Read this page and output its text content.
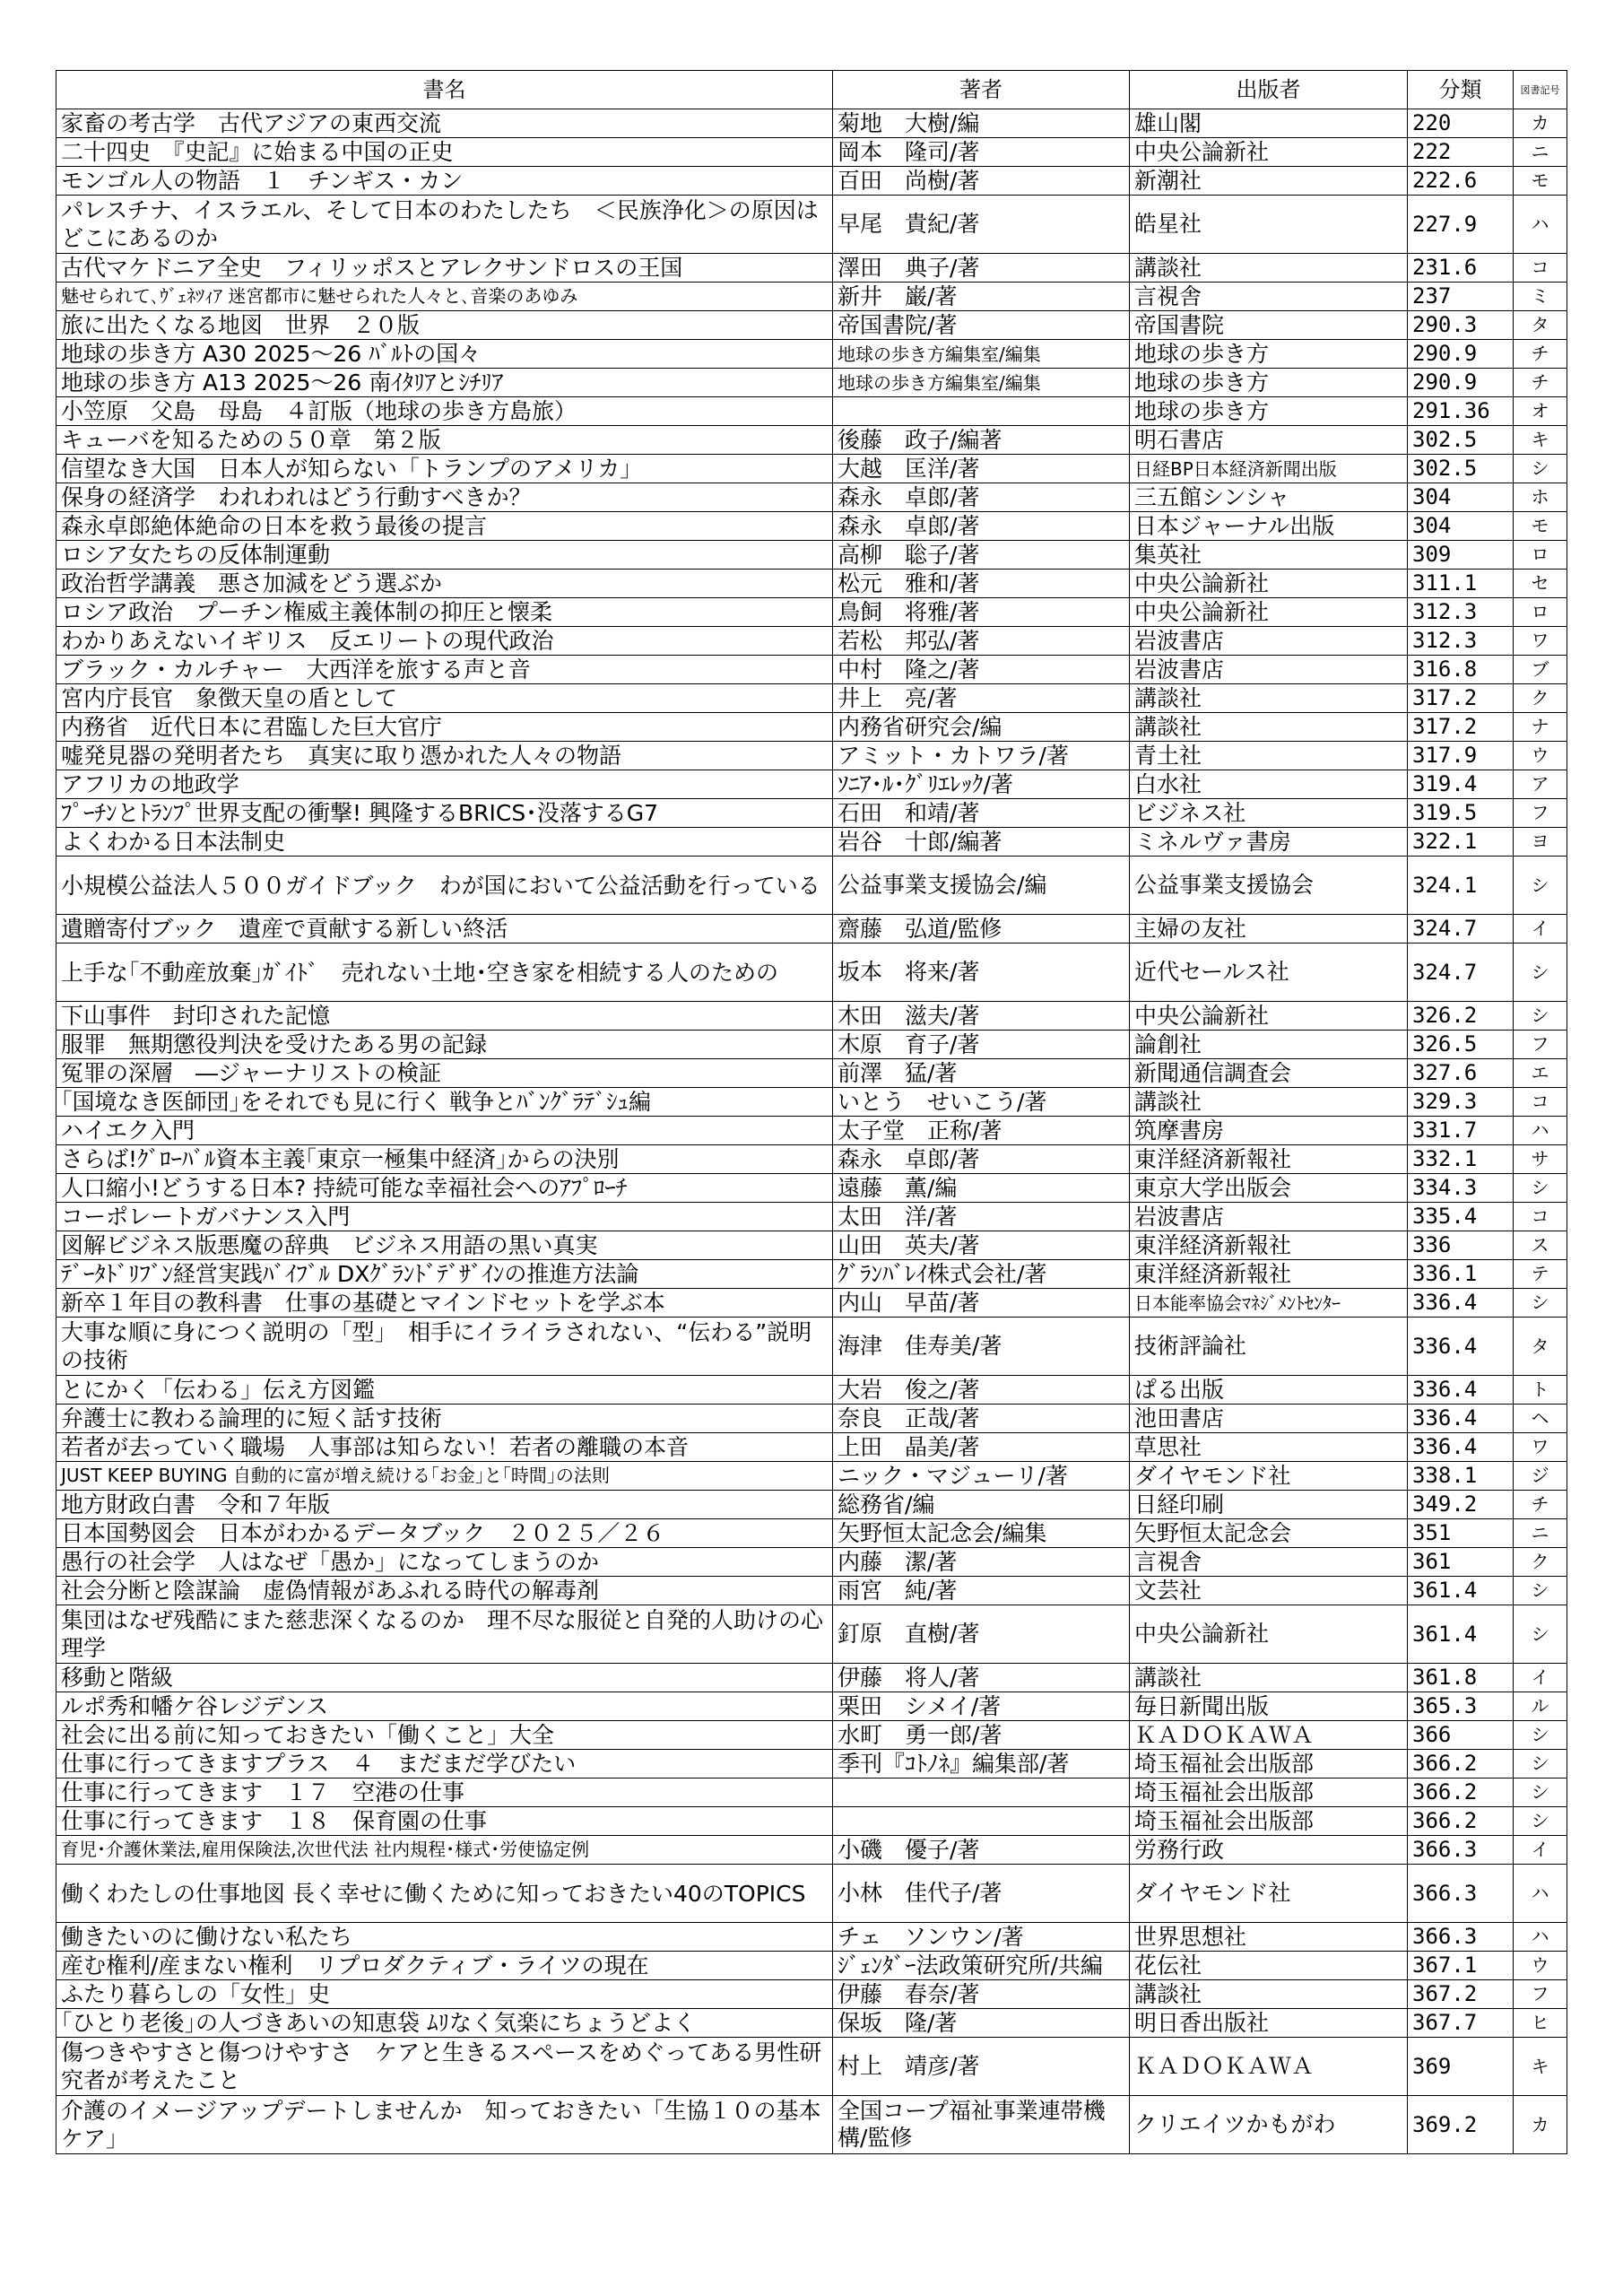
書名	著者	出版者	分類	図書記号
家畜の考古学　古代アジアの東西交流	菊地　大樹/編	雄山閣	220	カ
二十四史　『史記』に始まる中国の正史	岡本　隆司/著	中央公論新社	222	ニ
モンゴル人の物語　１　チンギス・カン	百田　尚樹/著	新潮社	222.6	モ
パレスチナ、イスラエル、そして日本のわたしたち　＜民族浄化＞の原因はどこにあるのか	早尾　貴紀/著	皓星社	227.9	ハ
古代マケドニア全史　フィリッポスとアレクサンドロスの王国	澤田　典子/著	講談社	231.6	コ
魅せられて､ｳﾞｪﾈﾂｨｱ 迷宮都市に魅せられた人々と､音楽のあゆみ	新井　巌/著	言視舎	237	ミ
旅に出たくなる地図　世界　２０版	帝国書院/著	帝国書院	290.3	タ
地球の歩き方 A30 2025～26 ﾊﾞﾙﾄの国々	地球の歩き方編集室/編集	地球の歩き方	290.9	チ
地球の歩き方 A13 2025～26 南ｲﾀﾘｱとｼﾁﾘｱ	地球の歩き方編集室/編集	地球の歩き方	290.9	チ
小笠原　父島　母島　４訂版（地球の歩き方島旅）		地球の歩き方	291.36	オ
キューバを知るための５０章　第２版	後藤　政子/編著	明石書店	302.5	キ
信望なき大国　日本人が知らない「トランプのアメリカ」	大越　匡洋/著	日経BP日本経済新聞出版	302.5	シ
保身の経済学　われわれはどう行動すべきか？	森永　卓郎/著	三五館シンシャ	304	ホ
森永卓郎絶体絶命の日本を救う最後の提言	森永　卓郎/著	日本ジャーナル出版	304	モ
ロシア女たちの反体制運動	高柳　聡子/著	集英社	309	ロ
政治哲学講義　悪さ加減をどう選ぶか	松元　雅和/著	中央公論新社	311.1	セ
ロシア政治　プーチン権威主義体制の抑圧と懐柔	鳥飼　将雅/著	中央公論新社	312.3	ロ
わかりあえないイギリス　反エリートの現代政治	若松　邦弘/著	岩波書店	312.3	ワ
ブラック・カルチャー　大西洋を旅する声と音	中村　隆之/著	岩波書店	316.8	ブ
宮内庁長官　象徴天皇の盾として	井上　亮/著	講談社	317.2	ク
内務省　近代日本に君臨した巨大官庁	内務省研究会/編	講談社	317.2	ナ
嘘発見器の発明者たち　真実に取り憑かれた人々の物語	アミット・カトワラ/著	青土社	317.9	ウ
アフリカの地政学	ｿﾆｱ･ﾙ･ｸﾞﾘｴﾚｯｸ/著	白水社	319.4	ア
ﾌﾟｰﾁﾝとﾄﾗﾝﾌﾟ世界支配の衝撃! 興隆するBRICS･没落するG7	石田　和靖/著	ビジネス社	319.5	フ
よくわかる日本法制史	岩谷　十郎/編著	ミネルヴァ書房	322.1	ヨ
小規模公益法人５００ガイドブック　わが国において公益活動を行っている	公益事業支援協会/編	公益事業支援協会	324.1	シ
遺贈寄付ブック　遺産で貢献する新しい終活	齋藤　弘道/監修	主婦の友社	324.7	イ
上手な｢不動産放棄｣ｶﾞｲﾄﾞ　売れない土地･空き家を相続する人のための	坂本　将来/著	近代セールス社	324.7	シ
下山事件　封印された記憶	木田　滋夫/著	中央公論新社	326.2	シ
服罪　無期懲役判決を受けたある男の記録	木原　育子/著	論創社	326.5	フ
冤罪の深層　―ジャーナリストの検証	前澤　猛/著	新聞通信調査会	327.6	エ
｢国境なき医師団｣をそれでも見に行く 戦争とﾊﾞﾝｸﾞﾗﾃﾞｼｭ編	いとう　せいこう/著	講談社	329.3	コ
ハイエク入門	太子堂　正称/著	筑摩書房	331.7	ハ
さらば!ｸﾞﾛｰﾊﾞﾙ資本主義｢東京一極集中経済｣からの決別	森永　卓郎/著	東洋経済新報社	332.1	サ
人口縮小!どうする日本? 持続可能な幸福社会へのｱﾌﾟﾛｰﾁ	遠藤　薫/編	東京大学出版会	334.3	シ
コーポレートガバナンス入門	太田　洋/著	岩波書店	335.4	コ
図解ビジネス版悪魔の辞典　ビジネス用語の黒い真実	山田　英夫/著	東洋経済新報社	336	ス
ﾃﾞｰﾀﾄﾞﾘﾌﾞﾝ経営実践ﾊﾞｲﾌﾞﾙ DXｸﾞﾗﾝﾄﾞﾃﾞｻﾞｲﾝの推進方法論	ｸﾞﾗﾝﾊﾞﾚｲ株式会社/著	東洋経済新報社	336.1	テ
新卒１年目の教科書　仕事の基礎とマインドセットを学ぶ本	内山　早苗/著	日本能率協会ﾏﾈｼﾞﾒﾝﾄｾﾝﾀｰ	336.4	シ
大事な順に身につく説明の「型」　相手にイライラされない、“伝わる”説明の技術	海津　佳寿美/著	技術評論社	336.4	タ
とにかく「伝わる」伝え方図鑑	大岩　俊之/著	ぱる出版	336.4	ト
弁護士に教わる論理的に短く話す技術	奈良　正哉/著	池田書店	336.4	ヘ
若者が去っていく職場　人事部は知らない！若者の離職の本音	上田　晶美/著	草思社	336.4	ワ
JUST KEEP BUYING 自動的に富が増え続ける｢お金｣と｢時間｣の法則	ニック・マジューリ/著	ダイヤモンド社	338.1	ジ
地方財政白書　令和７年版	総務省/編	日経印刷	349.2	チ
日本国勢図会　日本がわかるデータブック　２０２５／２６	矢野恒太記念会/編集	矢野恒太記念会	351	ニ
愚行の社会学　人はなぜ「愚か」になってしまうのか	内藤　潔/著	言視舎	361	ク
社会分断と陰謀論　虚偽情報があふれる時代の解毒剤	雨宮　純/著	文芸社	361.4	シ
集団はなぜ残酷にまた慈悲深くなるのか　理不尽な服従と自発的人助けの心理学	釘原　直樹/著	中央公論新社	361.4	シ
移動と階級	伊藤　将人/著	講談社	361.8	イ
ルポ秀和幡ケ谷レジデンス	栗田　シメイ/著	毎日新聞出版	365.3	ル
社会に出る前に知っておきたい「働くこと」大全	水町　勇一郎/著	ＫＡＤＯＫＡＷＡ	366	シ
仕事に行ってきますプラス　４　まだまだ学びたい	季刊『ｺﾄﾉﾈ』編集部/著	埼玉福祉会出版部	366.2	シ
仕事に行ってきます　１７　空港の仕事		埼玉福祉会出版部	366.2	シ
仕事に行ってきます　１８　保育園の仕事		埼玉福祉会出版部	366.2	シ
育児･介護休業法,雇用保険法,次世代法 社内規程･様式･労使協定例	小磯　優子/著	労務行政	366.3	イ
働くわたしの仕事地図 長く幸せに働くために知っておきたい40のTOPICS	小林　佳代子/著	ダイヤモンド社	366.3	ハ
働きたいのに働けない私たち	チェ　ソンウン/著	世界思想社	366.3	ハ
産む権利/産まない権利　リプロダクティブ・ライツの現在	ｼﾞｪﾝﾀﾞｰ法政策研究所/共編	花伝社	367.1	ウ
ふたり暮らしの「女性」史	伊藤　春奈/著	講談社	367.2	フ
｢ひとり老後｣の人づきあいの知恵袋 ﾑﾘなく気楽にちょうどよく	保坂　隆/著	明日香出版社	367.7	ヒ
傷つきやすさと傷つけやすさ　ケアと生きるスペースをめぐってある男性研究者が考えたこと	村上　靖彦/著	ＫＡＤＯＫＡＷＡ	369	キ
介護のイメージアップデートしませんか　知っておきたい「生協１０の基本ケア」	全国コープ福祉事業連帯機構/監修	クリエイツかもがわ	369.2	カ
